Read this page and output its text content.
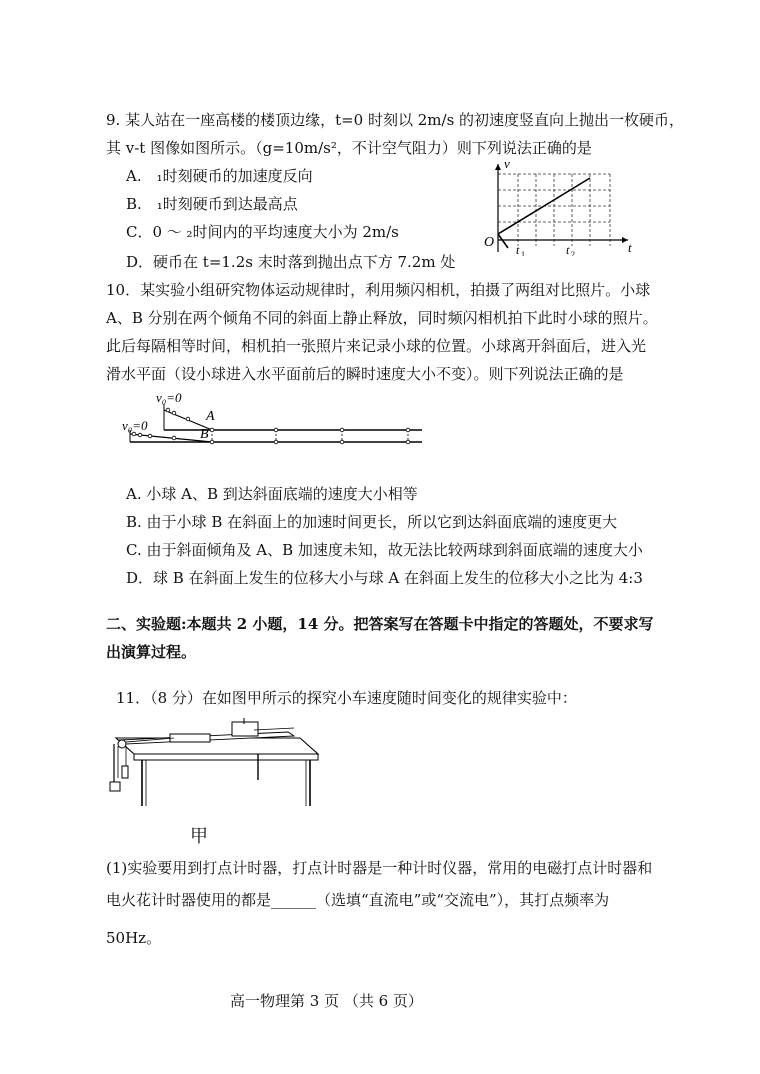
9. 某人站在一座高楼的楼顶边缘，t=0 时刻以 2m/s 的初速度竖直向上抛出一枚硬币，
其 v-t 图像如图所示。（g=10m/s²，不计空气阻力）则下列说法正确的是
A.　₁时刻硬币的加速度反向
B.　₁时刻硬币到达最高点
C．0 ～ ₂时间内的平均速度大小为 2m/s
D．硬币在 t=1.2s 末时落到抛出点下方 7.2m 处
v
t
O t 1	t 2
10．某实验小组研究物体运动规律时，利用频闪相机，拍摄了两组对比照片。小球
A、B 分别在两个倾角不同的斜面上静止释放，同时频闪相机拍下此时小球的照片。
此后每隔相等时间，相机拍一张照片来记录小球的位置。小球离开斜面后，进入光
滑水平面（设小球进入水平面前后的瞬时速度大小不变）。则下列说法正确的是
v₀=0
v₀=0
A
B
A. 小球 A、B 到达斜面底端的速度大小相等
B. 由于小球 B 在斜面上的加速时间更长，所以它到达斜面底端的速度更大
C. 由于斜面倾角及 A、B 加速度未知，故无法比较两球到斜面底端的速度大小
D．球 B 在斜面上发生的位移大小与球 A 在斜面上发生的位移大小之比为 4:3
二、实验题:本题共 2 小题，14 分。把答案写在答题卡中指定的答题处，不要求写
出演算过程。
11．（8 分）在如图甲所示的探究小车速度随时间变化的规律实验中：
甲
(1)实验要用到打点计时器，打点计时器是一种计时仪器，常用的电磁打点计时器和
电火花计时器使用的都是______（选填“直流电”或“交流电”），其打点频率为
50Hz。
高一物理第 3 页 （共 6 页）
